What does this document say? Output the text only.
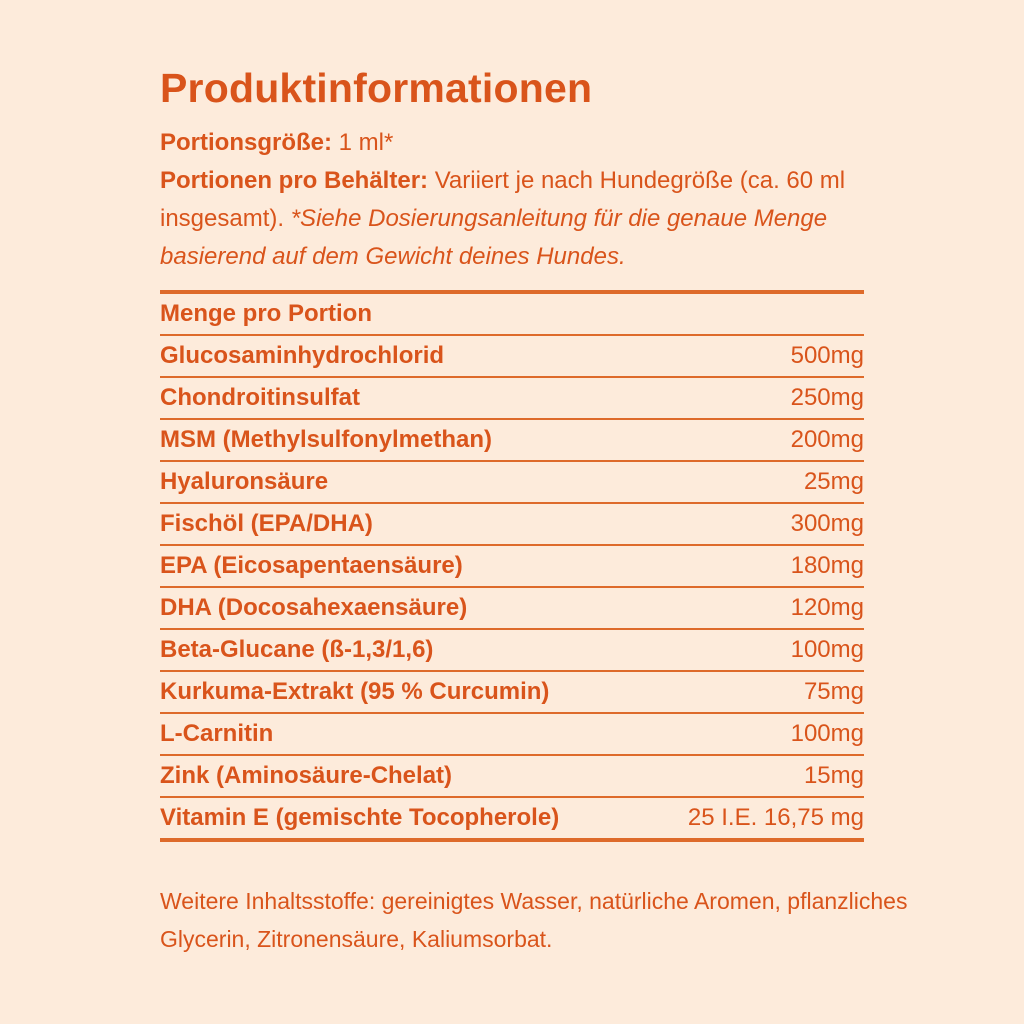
Produktinformationen
Portionsgröße: 1 ml*
Portionen pro Behälter: Variiert je nach Hundegröße (ca. 60 ml insgesamt). *Siehe Dosierungsanleitung für die genaue Menge basierend auf dem Gewicht deines Hundes.
Menge pro Portion
Glucosaminhydrochlorid	500mg
Chondroitinsulfat	250mg
MSM (Methylsulfonylmethan)	200mg
Hyaluronsäure	25mg
Fischöl (EPA/DHA)	300mg
EPA (Eicosapentaensäure)	180mg
DHA (Docosahexaensäure)	120mg
Beta-Glucane (ß-1,3/1,6)	100mg
Kurkuma-Extrakt (95 % Curcumin)	75mg
L-Carnitin	100mg
Zink (Aminosäure-Chelat)	15mg
Vitamin E (gemischte Tocopherole)	25 I.E. 16,75 mg
Weitere Inhaltsstoffe: gereinigtes Wasser, natürliche Aromen, pflanzliches Glycerin, Zitronensäure, Kaliumsorbat.
